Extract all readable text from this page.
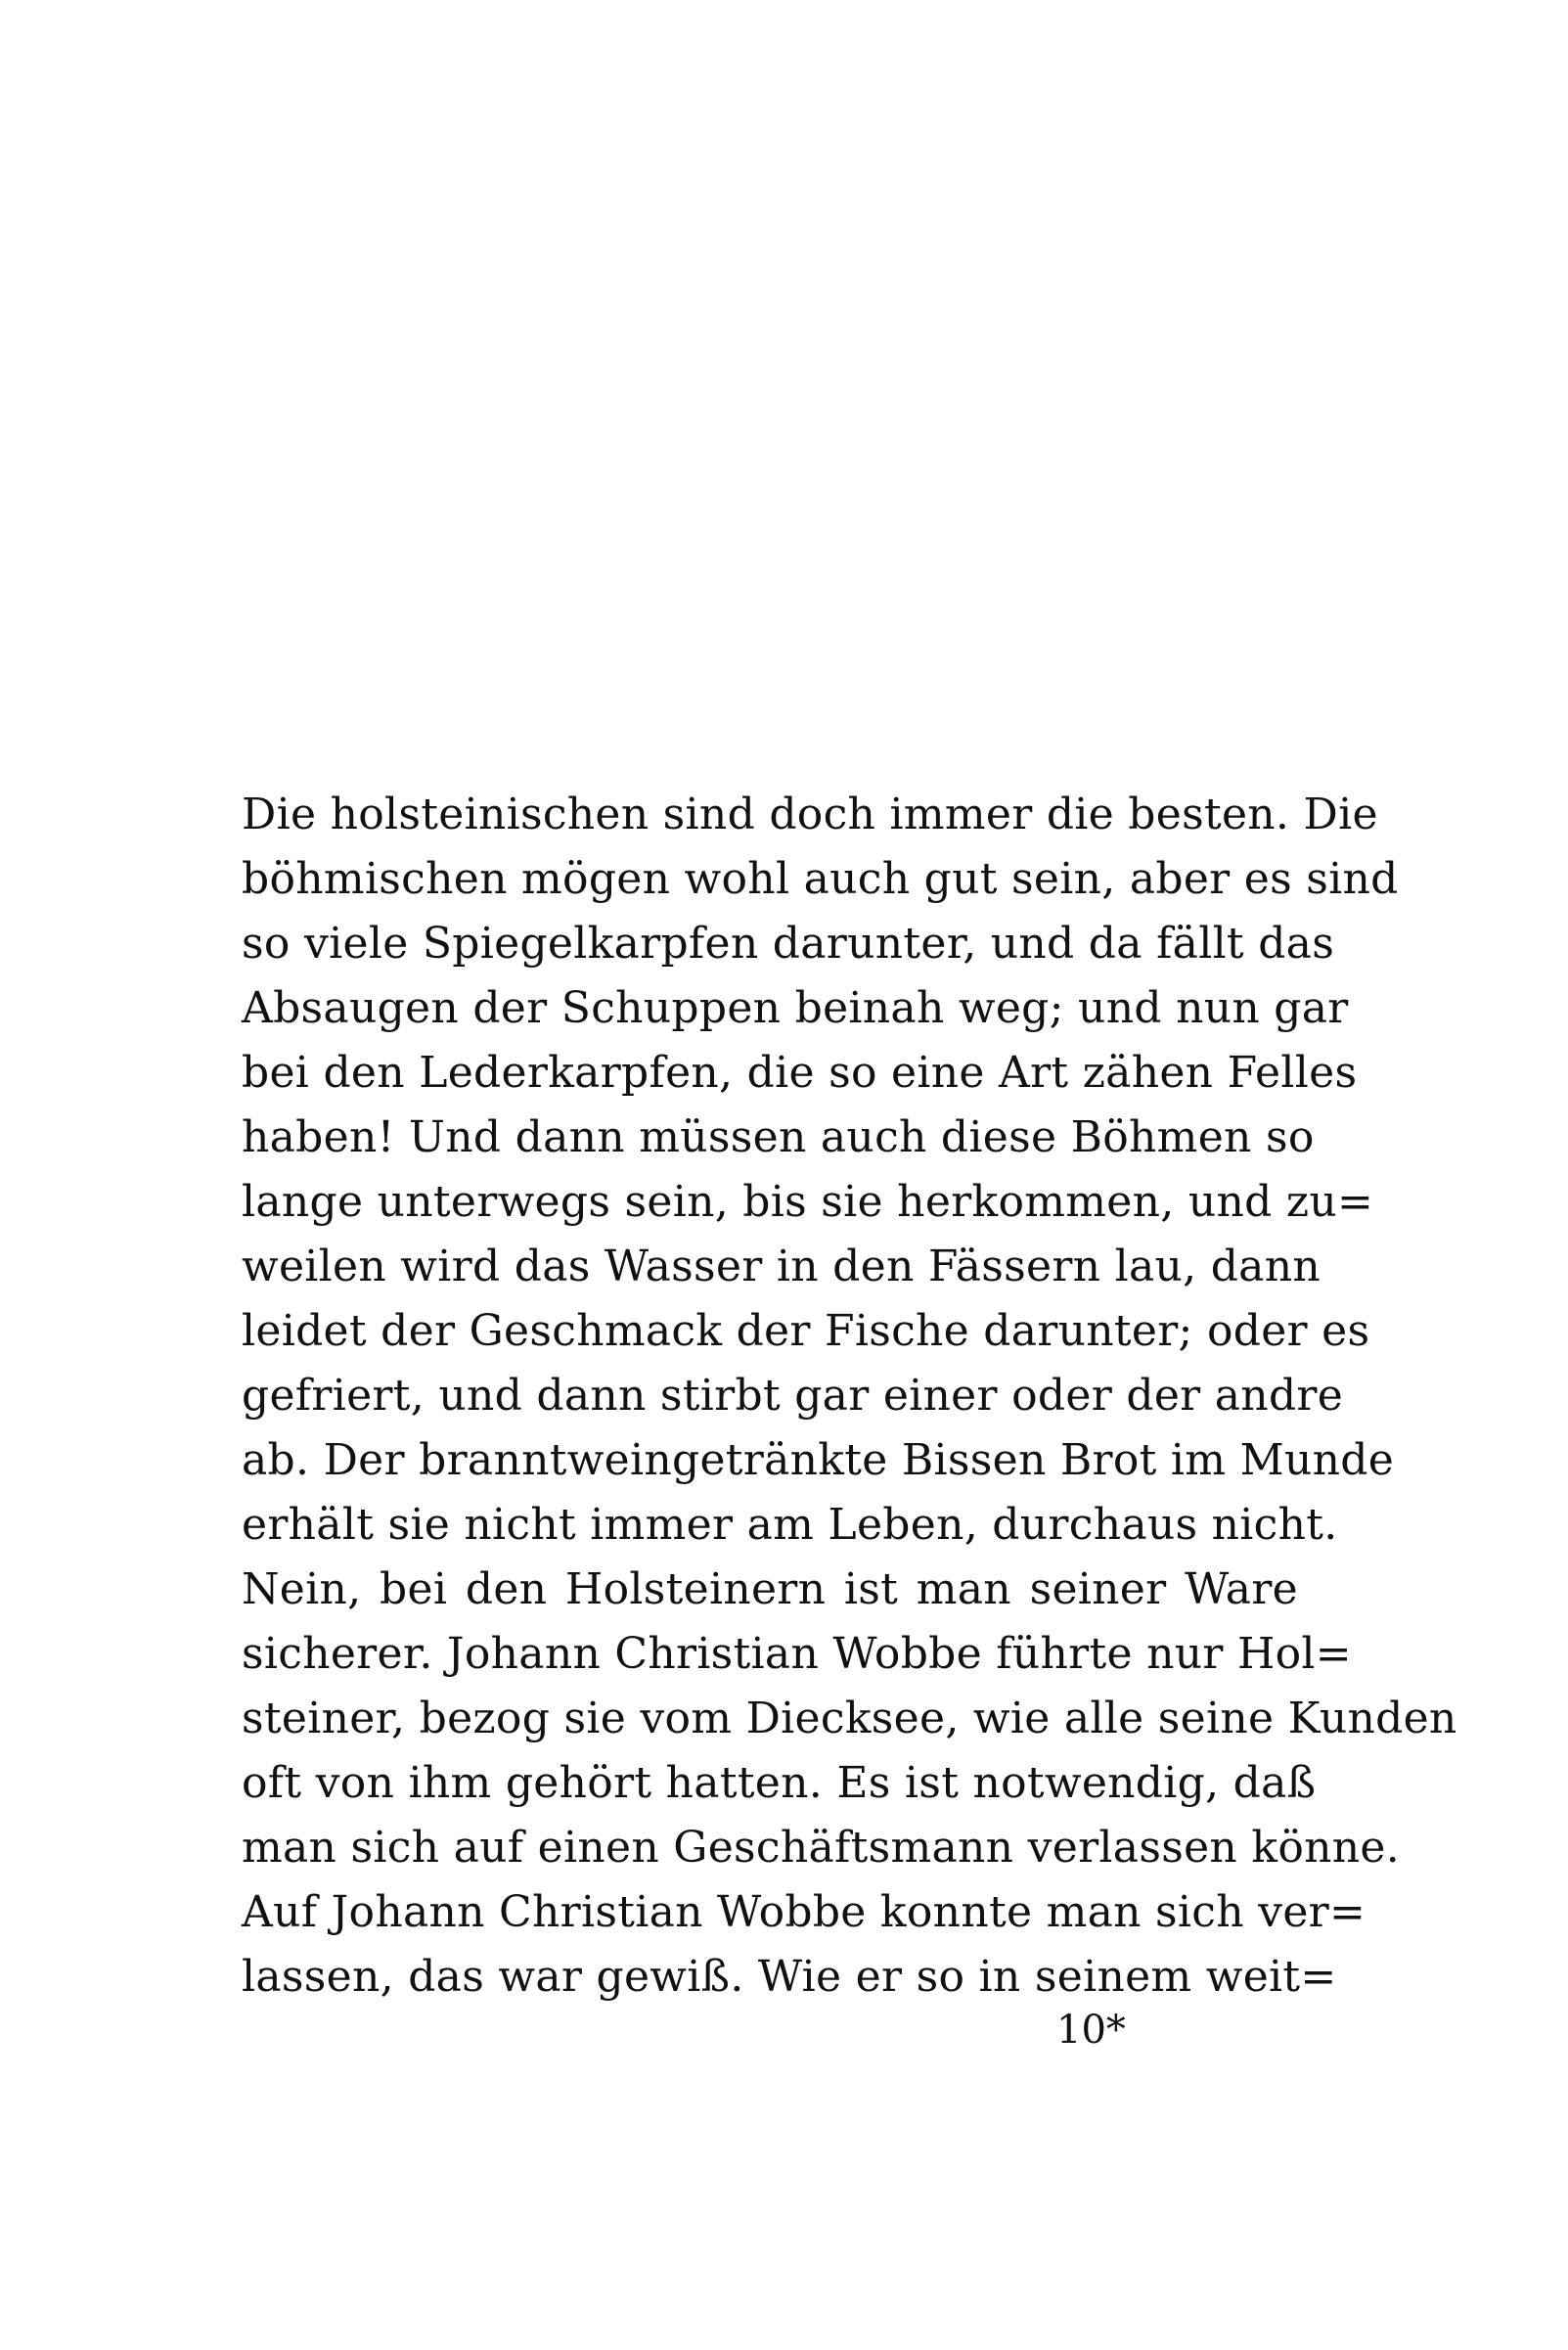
Die holsteinischen sind doch immer die besten. Die
böhmischen mögen wohl auch gut sein, aber es sind
so viele Spiegelkarpfen darunter, und da fällt das
Absaugen der Schuppen beinah weg; und nun gar
bei den Lederkarpfen, die so eine Art zähen Felles
haben! Und dann müssen auch diese Böhmen so
lange unterwegs sein, bis sie herkommen, und zu=
weilen wird das Wasser in den Fässern lau, dann
leidet der Geschmack der Fische darunter; oder es
gefriert, und dann stirbt gar einer oder der andre
ab. Der branntweingetränkte Bissen Brot im Munde
erhält sie nicht immer am Leben, durchaus nicht.
Nein, bei den Holsteinern ist man seiner Ware
sicherer. Johann Christian Wobbe führte nur Hol=
steiner, bezog sie vom Diecksee, wie alle seine Kunden
oft von ihm gehört hatten. Es ist notwendig, daß
man sich auf einen Geschäftsmann verlassen könne.
Auf Johann Christian Wobbe konnte man sich ver=
lassen, das war gewiß. Wie er so in seinem weit=
10*
